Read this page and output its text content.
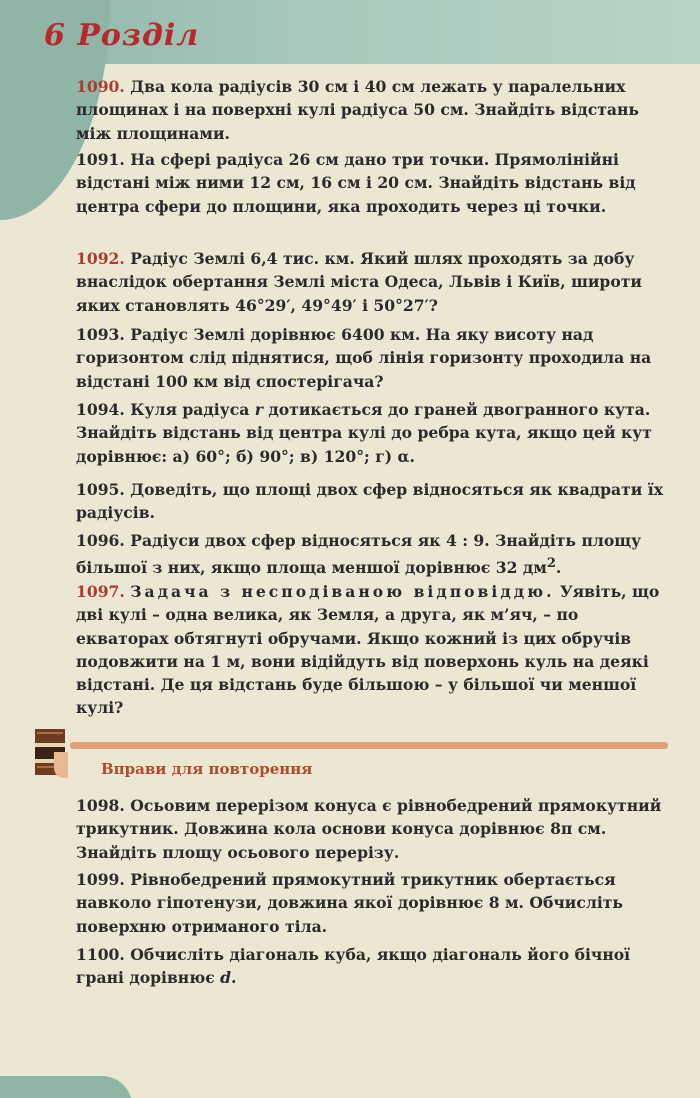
6 Розділ
1090. Два кола радіусів 30 см і 40 см лежать у паралельних площинах і на поверхні кулі радіуса 50 см. Знайдіть відстань між площинами.
1091. На сфері радіуса 26 см дано три точки. Прямолінійні відстані між ними 12 см, 16 см і 20 см. Знайдіть відстань від центра сфери до площини, яка проходить через ці точки.
1092. Радіус Землі 6,4 тис. км. Який шлях проходять за добу внаслідок обертання Землі міста Одеса, Львів і Київ, широти яких становлять 46°29′, 49°49′ і 50°27′?
1093. Радіус Землі дорівнює 6400 км. На яку висоту над горизонтом слід піднятися, щоб лінія горизонту проходила на відстані 100 км від спостерігача?
1094. Куля радіуса r дотикається до граней двогранного кута. Знайдіть відстань від центра кулі до ребра кута, якщо цей кут дорівнює: а) 60°; б) 90°; в) 120°; г) α.
1095. Доведіть, що площі двох сфер відносяться як квадрати їх радіусів.
1096. Радіуси двох сфер відносяться як 4 : 9. Знайдіть площу більшої з них, якщо площа меншої дорівнює 32 $дм^2$.
1097. Задача з несподіваною відповіддю. Уявіть, що дві кулі – одна велика, як Земля, а друга, як м’яч, – по екваторах обтягнуті обручами. Якщо кожний із цих обручів подовжити на 1 м, вони відійдуть від поверхонь куль на деякі відстані. Де ця відстань буде більшою – у більшої чи меншої кулі?
Вправи для повторення
1098. Осьовим перерізом конуса є рівнобедрений прямокутний трикутник. Довжина кола основи конуса дорівнює 8π см. Знайдіть площу осьового перерізу.
1099. Рівнобедрений прямокутний трикутник обертається навколо гіпотенузи, довжина якої дорівнює 8 м. Обчисліть поверхню отриманого тіла.
1100. Обчисліть діагональ куба, якщо діагональ його бічної грані дорівнює d.
